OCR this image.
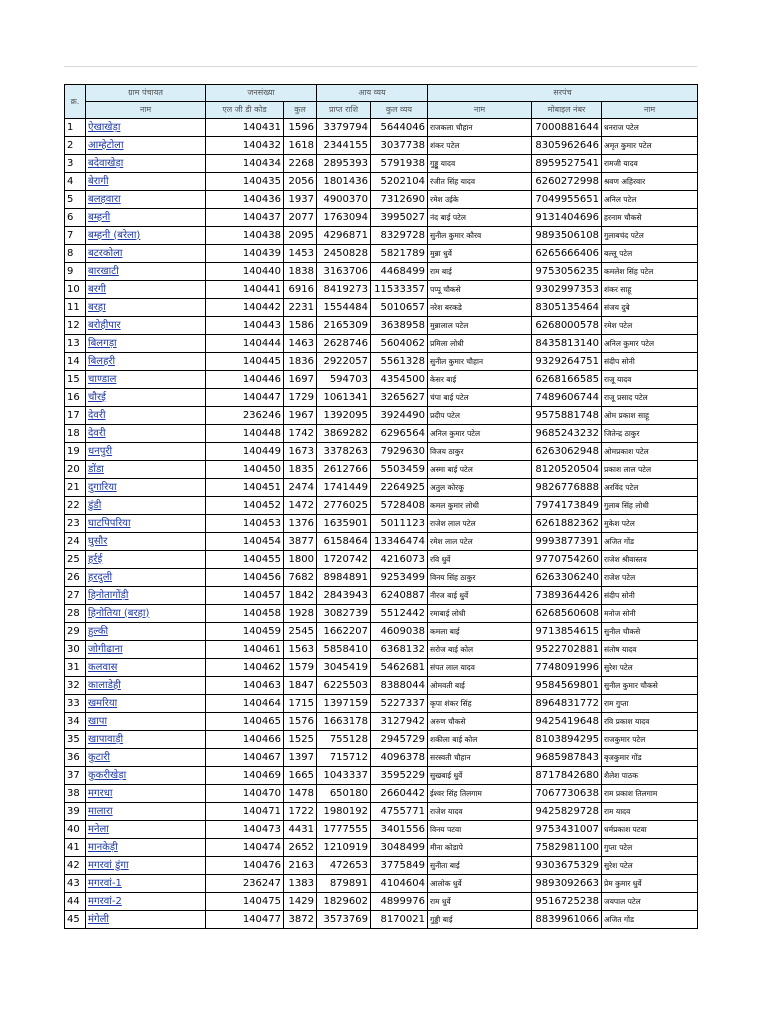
क्र.	ग्राम पंचायत	जनसंख्या		आय व्यय		सरपंच		
	नाम	एल जी डी कोड	कुल	प्राप्त राशि	कुल व्यय	नाम	मोबाइल नंबर	नाम
1	ऐखाखेड़ा	140431	1596	3379794	5644046	राजकला चौहान	7000881644	धनराज पटेल
2	आम्हेटोला	140432	1618	2344155	3037738	शंकर पटेल	8305962646	अमृत कुमार पटेल
3	बदेवाखेड़ा	140434	2268	2895393	5791938	गुड्डू यादव	8959527541	रामजी यादव
4	बेरागी	140435	2056	1801436	5202104	रंजीत सिंह यादव	6260272998	श्रवण अहिरवार
5	बलहवारा	140436	1937	4900370	7312690	रमेश उईके	7049955651	अनिल पटेल
6	बम्हनी	140437	2077	1763094	3995027	नंद बाई पटेल	9131404696	हरनाम चौकसे
7	बम्हनी (बरेला)	140438	2095	4296871	8329728	सुनील कुमार कौरव	9893506108	गुलाबचंद पटेल
8	बटरकोला	140439	1453	2450828	5821789	मुन्ना धुर्वे	6265666406	बल्लू पटेल
9	बारखाटी	140440	1838	3163706	4468499	राम बाई	9753056235	कमलेश सिंह पटेल
10	बरगी	140441	6916	8419273	11533357	पप्पू चौकसे	9302997353	शंकर साहू
11	बरहा	140442	2231	1554484	5010657	नरेश बरकडे	8305135464	संजय दुबे
12	बरोहीपार	140443	1586	2165309	3638958	मुन्नालाल पटेल	6268000578	रमेश पटेल
13	बिलगड़ा	140444	1463	2628746	5604062	प्रमिला लोधी	8435813140	अनिल कुमार पटेल
14	बिलहरी	140445	1836	2922057	5561328	सुनील कुमार चौहान	9329264751	संदीप सोनी
15	चाण्डाल	140446	1697	594703	4354500	केसर बाई	6268166585	राजू यादव
16	चौरई	140447	1729	1061341	3265627	चंपा बाई पटेल	7489606744	राजू प्रसाद पटेल
17	देवरी	236246	1967	1392095	3924490	प्रदीप पटेल	9575881748	ओम प्रकाश साहू
18	देवरी	140448	1742	3869282	6296564	अनिल कुमार पटेल	9685243232	जितेन्द्र ठाकुर
19	धनपुरी	140449	1673	3378263	7929630	विजय ठाकुर	6263062948	ओमप्रकाश पटेल
20	डोंडा	140450	1835	2612766	5503459	अस्मा बाई पटेल	8120520504	प्रकाश लाल पटेल
21	दुगारिया	140451	2474	1741449	2264925	अतुल कोरकू	9826776888	अरविंद पटेल
22	डुंडी	140452	1472	2776025	5728408	कमल कुमार लोधी	7974173849	गुलाब सिंह लोधी
23	घाटपिपरिया	140453	1376	1635901	5011123	राजेश लाल पटेल	6261882362	मुकेश पटेल
24	घुसौर	140454	3877	6158464	13346474	रमेश लाल पटेल	9993877391	अजित गोंड
25	हर्रई	140455	1800	1720742	4216073	रवि धुर्वे	9770754260	राजेश श्रीवास्तव
26	हरदुली	140456	7682	8984891	9253499	विनय सिंह ठाकुर	6263306240	राजेश पटेल
27	हिनोतागोंड़ी	140457	1842	2843943	6240887	नीरज बाई धुर्वे	7389364426	संदीप सोनी
28	हिनोतिया (बरहा)	140458	1928	3082739	5512442	रमाबाई लोधी	6268560608	मनोज सोनी
29	हुल्की	140459	2545	1662207	4609038	कमला बाई	9713854615	सुनील चौकसे
30	जोगीढाना	140461	1563	5858410	6368132	सरोज बाई कोल	9522702881	संतोष यादव
31	कलवास	140462	1579	3045419	5462681	संपत लाल यादव	7748091996	सुरेश पटेल
32	कालाडेही	140463	1847	6225503	8388044	ओमवती बाई	9584569801	सुनील कुमार चौकसे
33	खमरिया	140464	1715	1397159	5227337	कृपा शंकर सिंह	8964831772	राम गुप्ता
34	खापा	140465	1576	1663178	3127942	अरुण चौकसे	9425419648	रवि प्रकाश यादव
35	खापावाड़ी	140466	1525	755128	2945729	शकीला बाई कोल	8103894295	राजकुमार पटेल
36	कुटारी	140467	1397	715712	4096378	सरस्वती चौहान	9685987843	बृजकुमार गोंड
37	कुकरीखेड़ा	140469	1665	1043337	3595229	सुखबाई धुर्वे	8717842680	शैलेश पाठक
38	मगरधा	140470	1478	650180	2660442	ईश्वर सिंह तिलगाम	7067730638	राम प्रकाश तिलगाम
39	मालारा	140471	1722	1980192	4755771	राजेश यादव	9425829728	राम यादव
40	मनेला	140473	4431	1777555	3401556	विनय पटवा	9753431007	धर्मप्रकाश पटवा
41	मानकेड़ी	140474	2652	1210919	3048499	मीना कोडापे	7582981100	गुप्ता पटेल
42	मगरवां डुंगा	140476	2163	472653	3775849	सुनीता बाई	9303675329	सुरेश पटेल
43	मगरवां-1	236247	1383	879891	4104604	आलोक धुर्वे	9893092663	प्रेम कुमार धुर्वे
44	मगरवां-2	140475	1429	1829602	4899976	राम धुर्वे	9516725238	जयपाल पटेल
45	मंगेली	140477	3872	3573769	8170021	गुड्डी बाई	8839961066	अजित गोंड
